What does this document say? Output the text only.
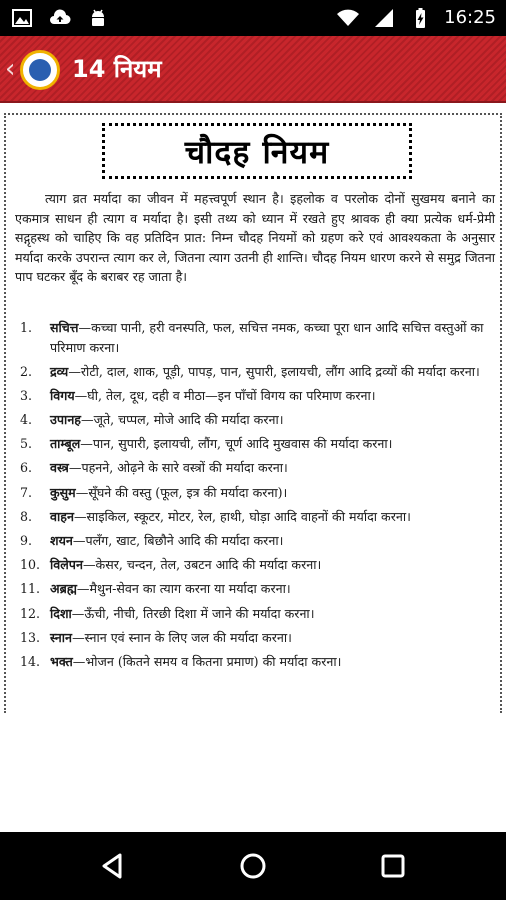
16:25
‹ 14 नियम
चौदह नियम

त्याग व्रत मर्यादा का जीवन में महत्त्वपूर्ण स्थान है। इहलोक व परलोक दोनों सुखमय बनाने का एकमात्र साधन ही त्याग व मर्यादा है। इसी तथ्य को ध्यान में रखते हुए श्रावक ही क्या प्रत्येक धर्म-प्रेमी सद्गृहस्थ को चाहिए कि वह प्रतिदिन प्रात: निम्न चौदह नियमों को ग्रहण करे एवं आवश्यकता के अनुसार मर्यादा करके उपरान्त त्याग कर ले, जितना त्याग उतनी ही शान्ति। चौदह नियम धारण करने से समुद्र जितना पाप घटकर बूँद के बराबर रह जाता है।

1.	सचित्त—कच्चा पानी, हरी वनस्पति, फल, सचित्त नमक, कच्चा पूरा धान आदि सचित्त वस्तुओं का परिमाण करना।
2.	द्रव्य—रोटी, दाल, शाक, पूड़ी, पापड़, पान, सुपारी, इलायची, लौंग आदि द्रव्यों की मर्यादा करना।
3.	विगय—घी, तेल, दूध, दही व मीठा—इन पाँचों विगय का परिमाण करना।
4.	उपानह—जूते, चप्पल, मोजे आदि की मर्यादा करना।
5.	ताम्बूल—पान, सुपारी, इलायची, लौंग, चूर्ण आदि मुखवास की मर्यादा करना।
6.	वस्त्र—पहनने, ओढ़ने के सारे वस्त्रों की मर्यादा करना।
7.	कुसुम—सूँघने की वस्तु (फूल, इत्र की मर्यादा करना)।
8.	वाहन—साइकिल, स्कूटर, मोटर, रेल, हाथी, घोड़ा आदि वाहनों की मर्यादा करना।
9.	शयन—पलँग, खाट, बिछौने आदि की मर्यादा करना।
10. विलेपन—केसर, चन्दन, तेल, उबटन आदि की मर्यादा करना।
11. अब्रह्म—मैथुन-सेवन का त्याग करना या मर्यादा करना।
12. दिशा—ऊँची, नीची, तिरछी दिशा में जाने की मर्यादा करना।
13. स्नान—स्नान एवं स्नान के लिए जल की मर्यादा करना।
14. भक्त—भोजन (कितने समय व कितना प्रमाण) की मर्यादा करना।
